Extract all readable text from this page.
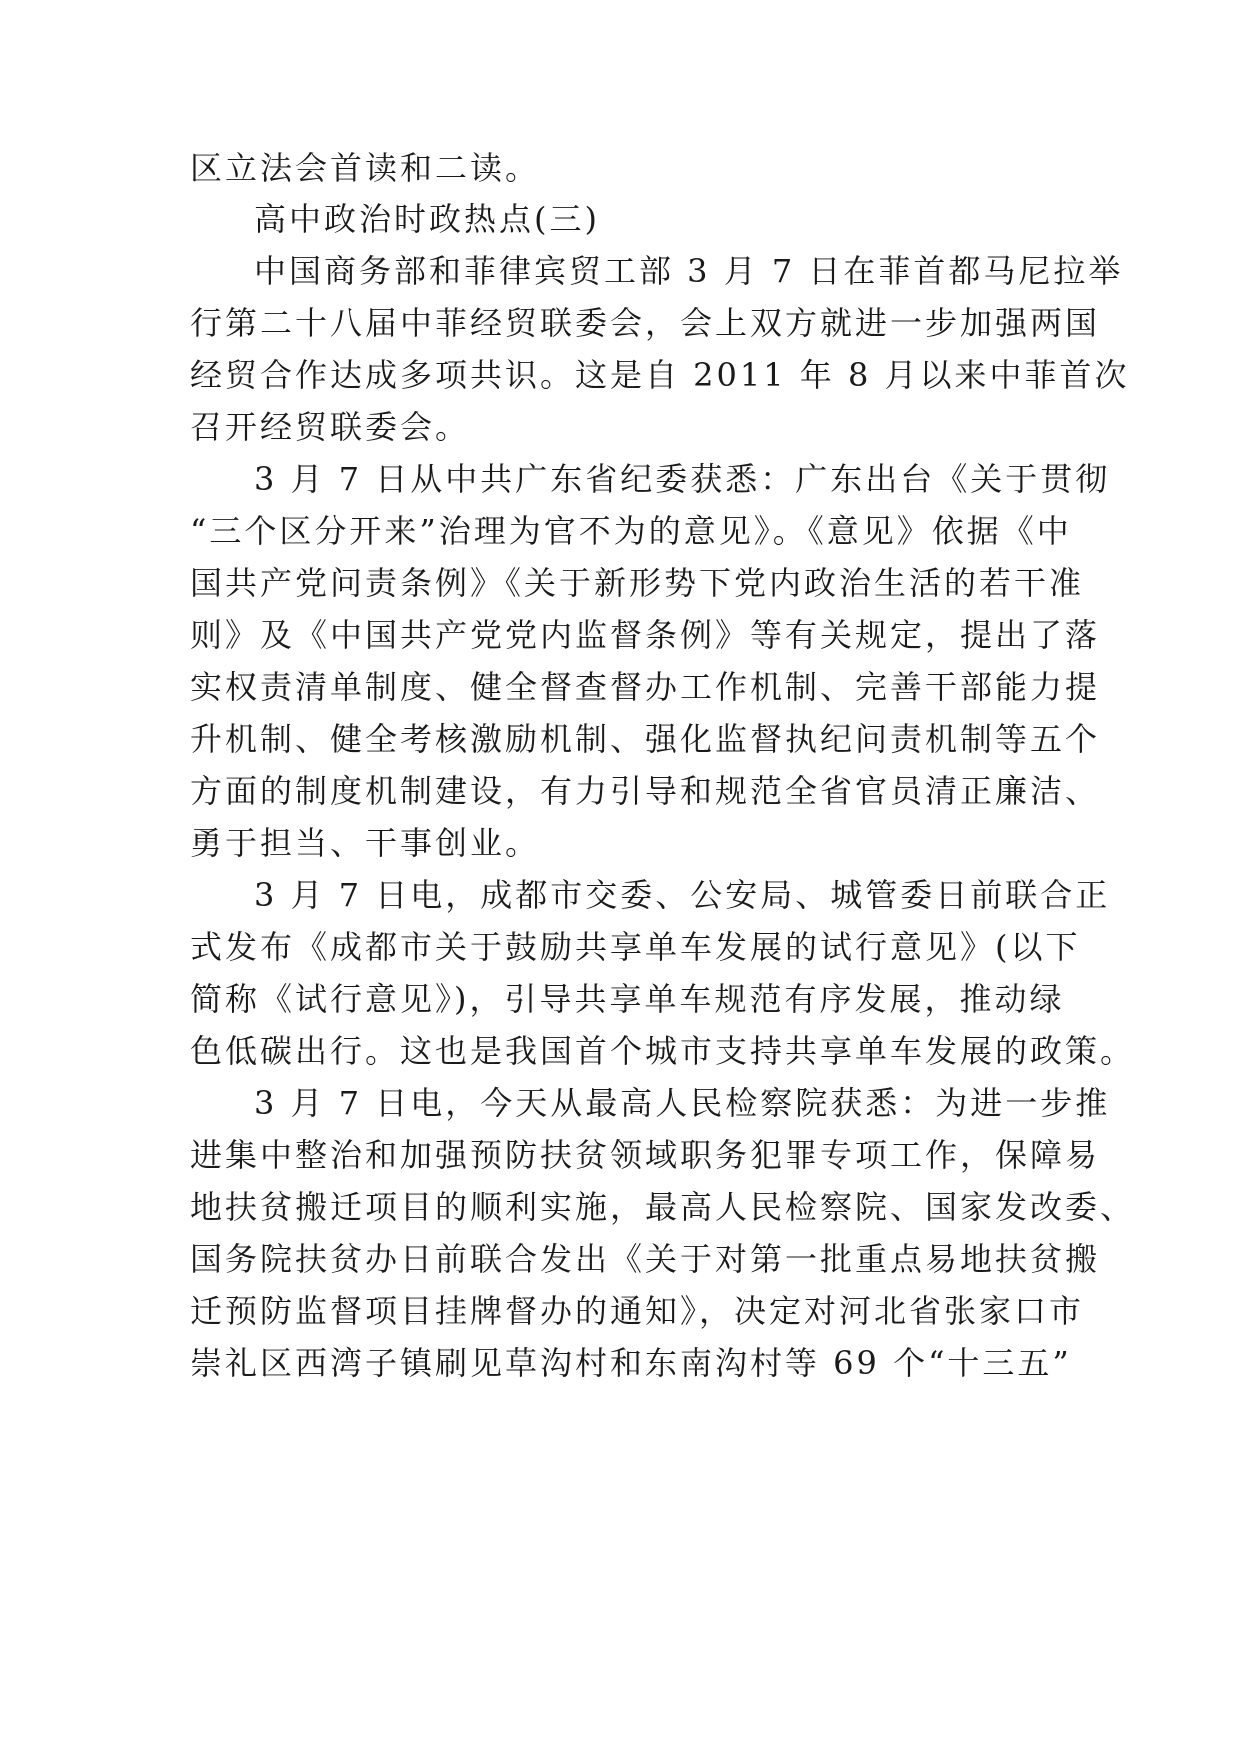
区立法会首读和二读。
高中政治时政热点(三)
中国商务部和菲律宾贸工部 3 月 7 日在菲首都马尼拉举
行第二十八届中菲经贸联委会，会上双方就进一步加强两国
经贸合作达成多项共识。这是自 2011 年 8 月以来中菲首次
召开经贸联委会。
3 月 7 日从中共广东省纪委获悉：广东出台《关于贯彻
“三个区分开来”治理为官不为的意见》。《意见》依据《中
国共产党问责条例》《关于新形势下党内政治生活的若干准
则》及《中国共产党党内监督条例》等有关规定，提出了落
实权责清单制度、健全督查督办工作机制、完善干部能力提
升机制、健全考核激励机制、强化监督执纪问责机制等五个
方面的制度机制建设，有力引导和规范全省官员清正廉洁、
勇于担当、干事创业。
3 月 7 日电，成都市交委、公安局、城管委日前联合正
式发布《成都市关于鼓励共享单车发展的试行意见》(以下
简称《试行意见》)，引导共享单车规范有序发展，推动绿
色低碳出行。这也是我国首个城市支持共享单车发展的政策。
3 月 7 日电，今天从最高人民检察院获悉：为进一步推
进集中整治和加强预防扶贫领域职务犯罪专项工作，保障易
地扶贫搬迁项目的顺利实施，最高人民检察院、国家发改委、
国务院扶贫办日前联合发出《关于对第一批重点易地扶贫搬
迁预防监督项目挂牌督办的通知》，决定对河北省张家口市
崇礼区西湾子镇刷见草沟村和东南沟村等 69 个“十三五”
